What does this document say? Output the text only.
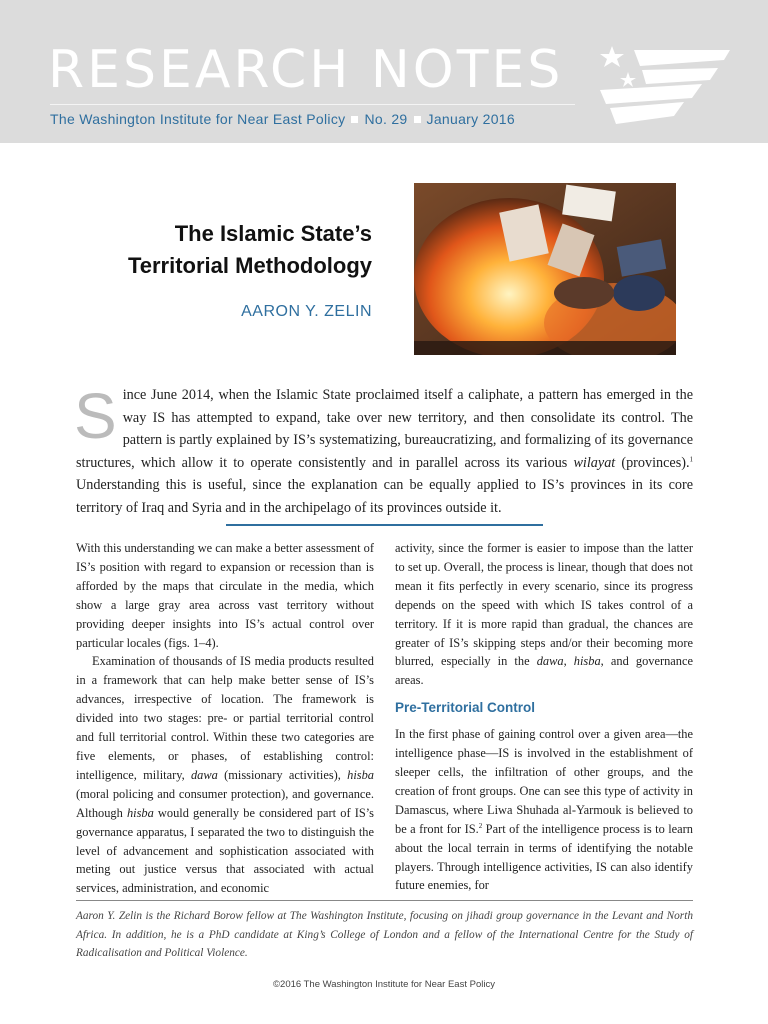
RESEARCH NOTES
The Washington Institute for Near East Policy No. 29 January 2016
The Islamic State’s
Territorial Methodology
AARON Y. ZELIN
Since June 2014, when the Islamic State proclaimed itself a caliphate, a pattern has emerged in the way IS has attempted to expand, take over new territory, and then consolidate its control. The pattern is partly explained by IS’s systematizing, bureaucratizing, and formalizing of its governance structures, which allow it to operate consistently and in parallel across its various wilayat (provinces).$^1$ Understanding this is useful, since the explanation can be equally applied to IS’s provinces in its core territory of Iraq and Syria and in the archipelago of its provinces outside it.

With this understanding we can make a better assessment of IS’s position with regard to expansion or recession than is afforded by the maps that circulate in the media, which show a large gray area across vast territory without providing deeper insights into IS’s actual control over particular locales (figs. 1–4).

Examination of thousands of IS media products resulted in a framework that can help make better sense of IS’s advances, irrespective of location. The framework is divided into two stages: pre- or partial territorial control and full territorial control. Within these two categories are five elements, or phases, of establishing control: intelligence, military, dawa (missionary activities), hisba (moral policing and consumer protection), and governance. Although hisba would generally be considered part of IS’s governance apparatus, I separated the two to distinguish the level of advancement and sophistication associated with meting out justice versus that associated with actual services, administration, and economic

activity, since the former is easier to impose than the latter to set up. Overall, the process is linear, though that does not mean it fits perfectly in every scenario, since its progress depends on the speed with which IS takes control of a territory. If it is more rapid than gradual, the chances are greater of IS’s skipping steps and/or their becoming more blurred, especially in the dawa, hisba, and governance areas.

Pre-Territorial Control

In the first phase of gaining control over a given area—the intelligence phase—IS is involved in the establishment of sleeper cells, the infiltration of other groups, and the creation of front groups. One can see this type of activity in Damascus, where Liwa Shuhada al-Yarmouk is believed to be a front for IS.$^2$ Part of the intelligence process is to learn about the local terrain in terms of identifying the notable players. Through intelligence activities, IS can also identify future enemies, for

Aaron Y. Zelin is the Richard Borow fellow at The Washington Institute, focusing on jihadi group governance in the Levant and North Africa. In addition, he is a PhD candidate at King’s College of London and a fellow of the International Centre for the Study of Radicalisation and Political Violence.
©2016 The Washington Institute for Near East Policy
